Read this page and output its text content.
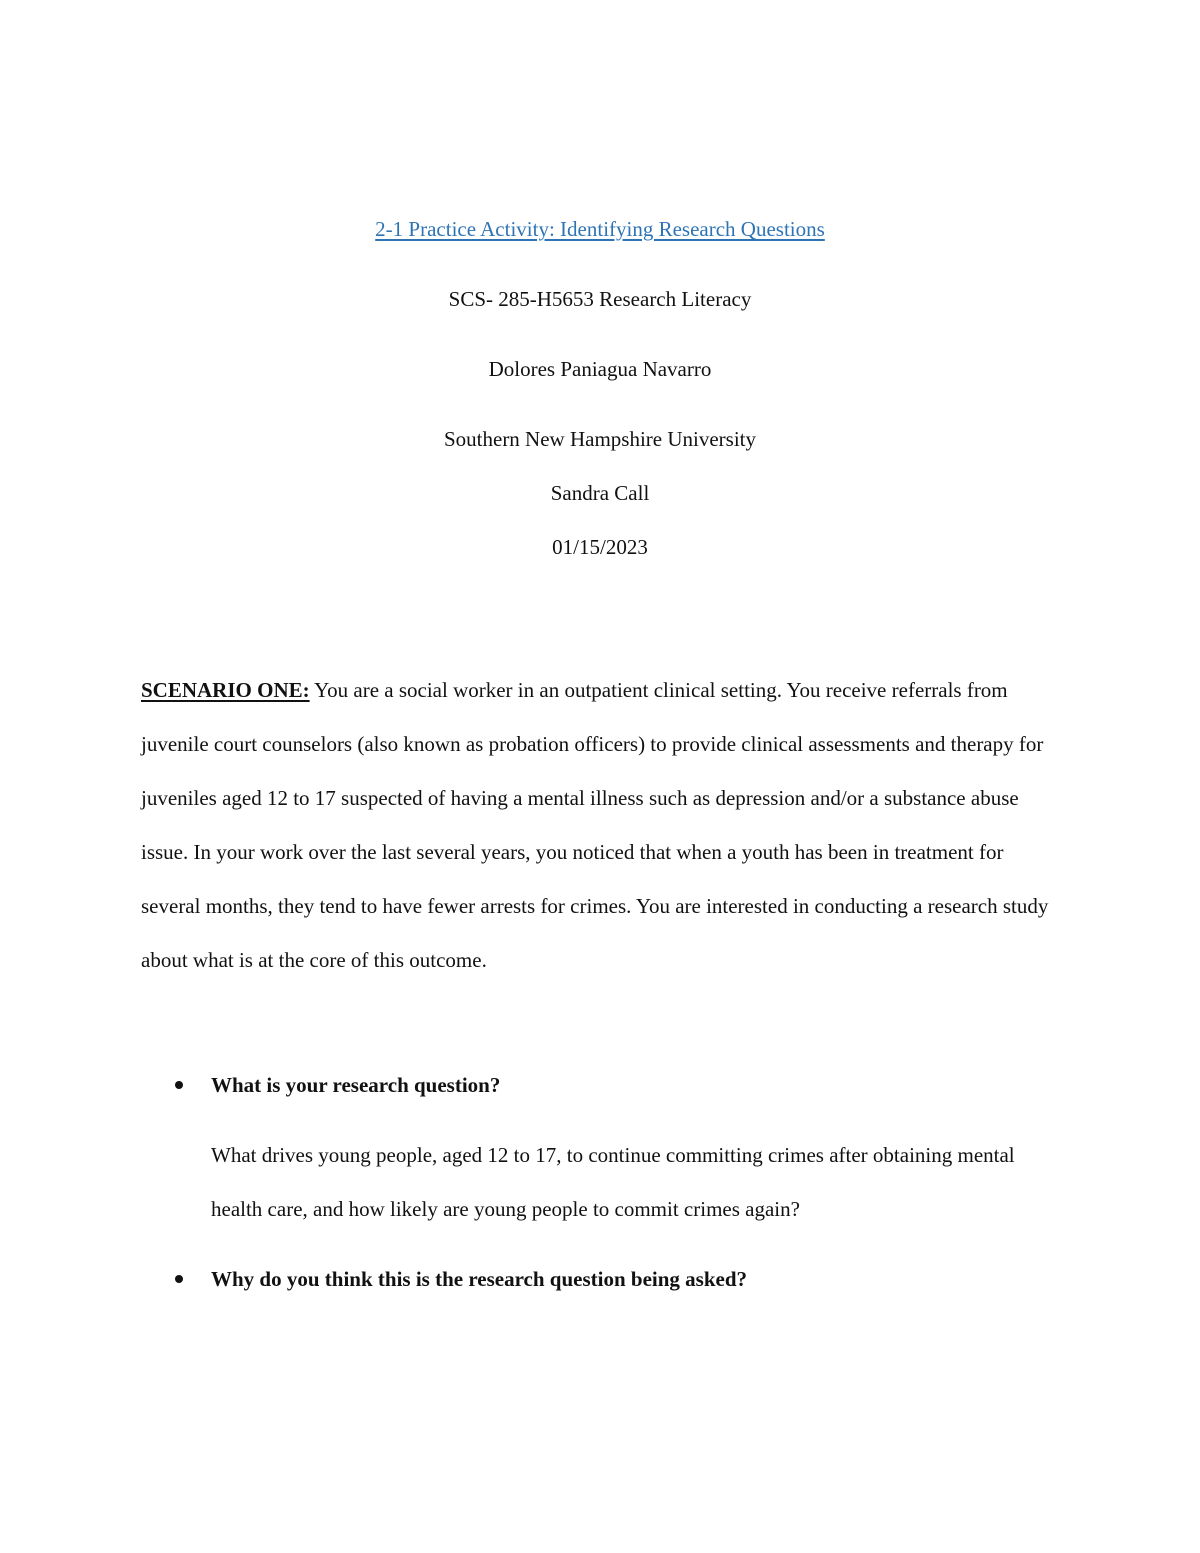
2-1 Practice Activity: Identifying Research Questions
SCS- 285-H5653 Research Literacy
Dolores Paniagua Navarro
Southern New Hampshire University
Sandra Call
01/15/2023

SCENARIO ONE: You are a social worker in an outpatient clinical setting. You receive referrals from juvenile court counselors (also known as probation officers) to provide clinical assessments and therapy for juveniles aged 12 to 17 suspected of having a mental illness such as depression and/or a substance abuse issue. In your work over the last several years, you noticed that when a youth has been in treatment for several months, they tend to have fewer arrests for crimes. You are interested in conducting a research study about what is at the core of this outcome.

What is your research question?

What drives young people, aged 12 to 17, to continue committing crimes after obtaining mental health care, and how likely are young people to commit crimes again?

Why do you think this is the research question being asked?
